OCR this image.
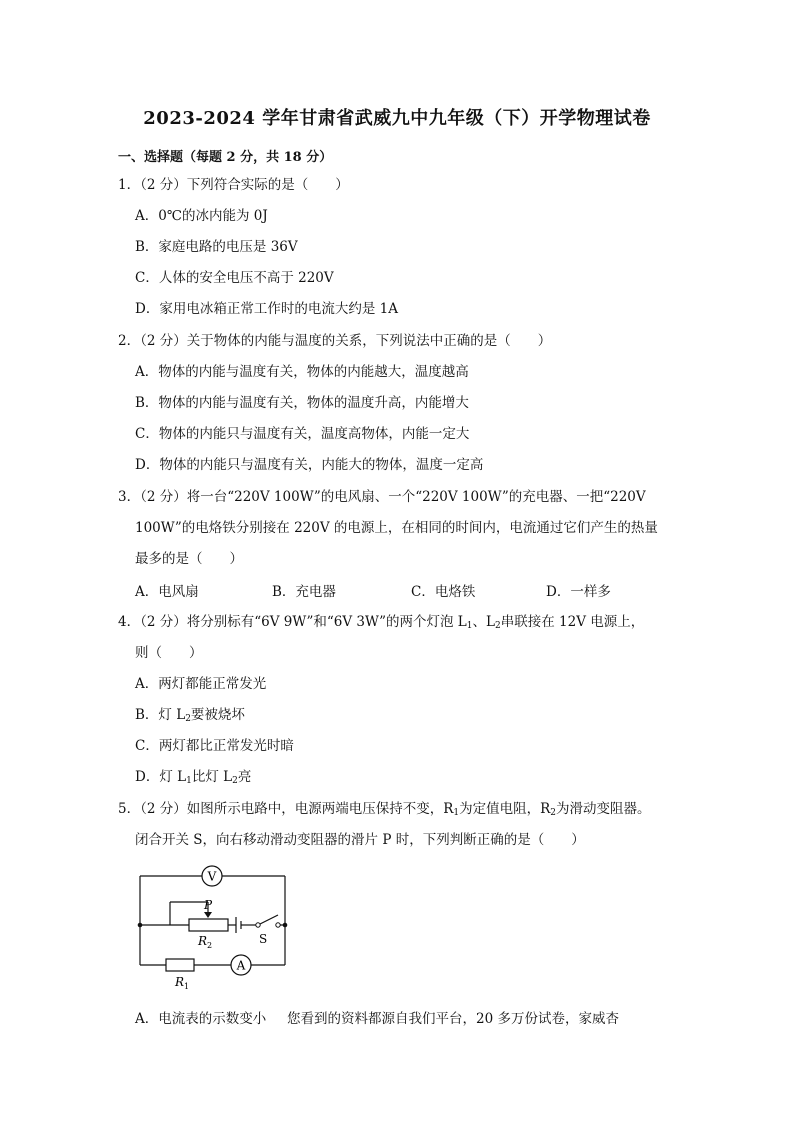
2023-2024 学年甘肃省武威九中九年级（下）开学物理试卷
一、选择题（每题 2 分，共 18 分）
1．（2 分）下列符合实际的是（　　）
A．0℃的冰内能为 0J
B．家庭电路的电压是 36V
C．人体的安全电压不高于 220V
D．家用电冰箱正常工作时的电流大约是 1A
2．（2 分）关于物体的内能与温度的关系，下列说法中正确的是（　　）
A．物体的内能与温度有关，物体的内能越大，温度越高
B．物体的内能与温度有关，物体的温度升高，内能增大
C．物体的内能只与温度有关，温度高物体，内能一定大
D．物体的内能只与温度有关，内能大的物体，温度一定高
3．（2 分）将一台“220V 100W”的电风扇、一个“220V 100W”的充电器、一把“220V
100W”的电烙铁分别接在 220V 的电源上，在相同的时间内，电流通过它们产生的热量
最多的是（　　）
A．电风扇	B．充电器	C．电烙铁	D．一样多
4．（2 分）将分别标有“6V 9W”和“6V 3W”的两个灯泡 $L_1$、$L_2$串联接在 12V 电源上，
则（　　）
A．两灯都能正常发光
B．灯 $L_2$要被烧坏
C．两灯都比正常发光时暗
D．灯 $L_1$比灯 $L_2$亮
5．（2 分）如图所示电路中，电源两端电压保持不变，$R_1$为定值电阻，$R_2$为滑动变阻器。
闭合开关 S，向右移动滑动变阻器的滑片 P 时，下列判断正确的是（　　）
V
A
P
R 2	S
R 1
A．电流表的示数变小 您看到的资料都源自我们平台，20 多万份试卷，家威杏
